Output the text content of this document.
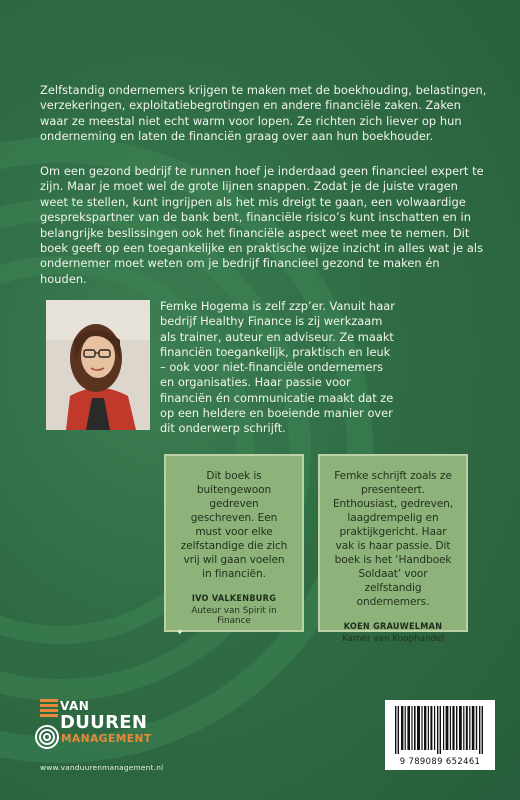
Zelfstandig ondernemers krijgen te maken met de boekhouding, belastingen, verzekeringen, exploitatiebegrotingen en andere financiële zaken. Zaken waar ze meestal niet echt warm voor lopen. Ze richten zich liever op hun onderneming en laten de financiën graag over aan hun boekhouder.
Om een gezond bedrijf te runnen hoef je inderdaad geen financieel expert te zijn. Maar je moet wel de grote lijnen snappen. Zodat je de juiste vragen weet te stellen, kunt ingrijpen als het mis dreigt te gaan, een volwaardige gesprekspartner van de bank bent, financiële risico’s kunt inschatten en in belangrijke beslissingen ook het financiële aspect weet mee te nemen. Dit boek geeft op een toegankelijke en praktische wijze inzicht in alles wat je als ondernemer moet weten om je bedrijf financieel gezond te maken én houden.
Femke Hogema is zelf zzp’er. Vanuit haar bedrijf Healthy Finance is zij werkzaam als trainer, auteur en adviseur. Ze maakt financiën toegankelijk, praktisch en leuk – ook voor niet-financiële ondernemers en organisaties. Haar passie voor financiën én communicatie maakt dat ze op een heldere en boeiende manier over dit onderwerp schrijft.
Dit boek is buitengewoon gedreven geschreven. Een must voor elke zelfstandige die zich vrij wil gaan voelen in financiën.
IVO VALKENBURG
Auteur van Spirit in Finance
Femke schrijft zoals ze presenteert. Enthousiast, gedreven, laagdrempelig en praktijkgericht. Haar vak is haar passie. Dit boek is het ‘Handboek Soldaat’ voor zelfstandig ondernemers.
KOEN GRAUWELMAN
Kamer van Koophandel
✦
VAN
DUUREN
MANAGEMENT
www.vanduurenmanagement.nl
9 789089 652461
